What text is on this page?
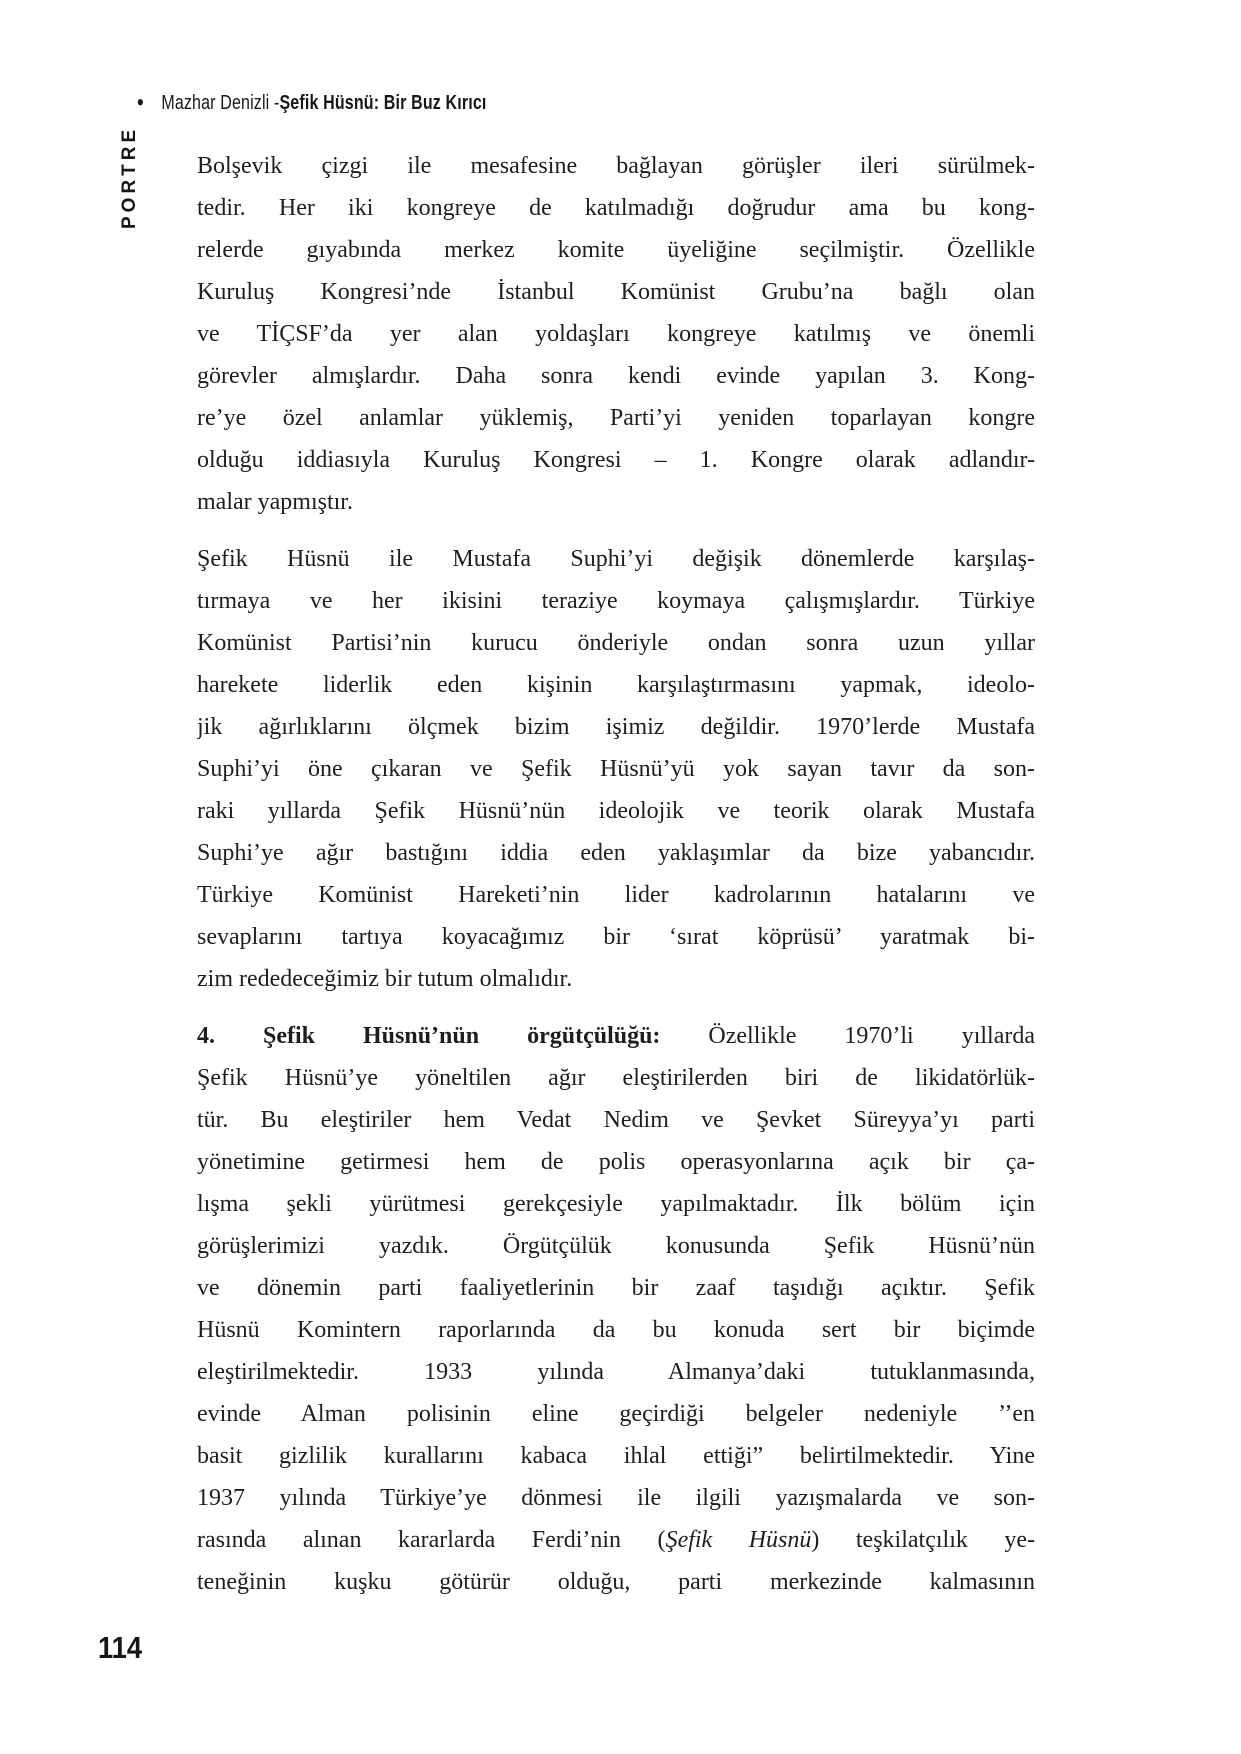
• Mazhar Denizli - Şefik Hüsnü: Bir Buz Kırıcı
PORTRE Bolşevik çizgi ile mesafesine bağlayan görüşler ileri sürülmek-
tedir. Her iki kongreye de katılmadığı doğrudur ama bu kong-
relerde gıyabında merkez komite üyeliğine seçilmiştir. Özellikle
Kuruluş Kongresi’nde İstanbul Komünist Grubu’na bağlı olan
ve TİÇSF’da yer alan yoldaşları kongreye katılmış ve önemli
görevler almışlardır. Daha sonra kendi evinde yapılan 3. Kong-
re’ye özel anlamlar yüklemiş, Parti’yi yeniden toparlayan kongre
olduğu iddiasıyla Kuruluş Kongresi – 1. Kongre olarak adlandır-
malar yapmıştır.
Şefik Hüsnü ile Mustafa Suphi’yi değişik dönemlerde karşılaş-
tırmaya ve her ikisini teraziye koymaya çalışmışlardır. Türkiye
Komünist Partisi’nin kurucu önderiyle ondan sonra uzun yıllar
harekete liderlik eden kişinin karşılaştırmasını yapmak, ideolo-
jik ağırlıklarını ölçmek bizim işimiz değildir. 1970’lerde Mustafa
Suphi’yi öne çıkaran ve Şefik Hüsnü’yü yok sayan tavır da son-
raki yıllarda Şefik Hüsnü’nün ideolojik ve teorik olarak Mustafa
Suphi’ye ağır bastığını iddia eden yaklaşımlar da bize yabancıdır.
Türkiye Komünist Hareketi’nin lider kadrolarının hatalarını ve
sevaplarını tartıya koyacağımız bir ‘sırat köprüsü’ yaratmak bi-
zim rededeceğimiz bir tutum olmalıdır.
4. Şefik Hüsnü’nün örgütçülüğü: Özellikle 1970’li yıllarda
Şefik Hüsnü’ye yöneltilen ağır eleştirilerden biri de likidatörlük-
tür. Bu eleştiriler hem Vedat Nedim ve Şevket Süreyya’yı parti
yönetimine getirmesi hem de polis operasyonlarına açık bir ça-
lışma şekli yürütmesi gerekçesiyle yapılmaktadır. İlk bölüm için
görüşlerimizi yazdık. Örgütçülük konusunda Şefik Hüsnü’nün
ve dönemin parti faaliyetlerinin bir zaaf taşıdığı açıktır. Şefik
Hüsnü Komintern raporlarında da bu konuda sert bir biçimde
eleştirilmektedir. 1933 yılında Almanya’daki tutuklanmasında,
evinde Alman polisinin eline geçirdiği belgeler nedeniyle ’’en
basit gizlilik kurallarını kabaca ihlal ettiği” belirtilmektedir. Yine
1937 yılında Türkiye’ye dönmesi ile ilgili yazışmalarda ve son-
rasında alınan kararlarda Ferdi’nin (Şefik Hüsnü) teşkilatçılık ye-
teneğinin kuşku götürür olduğu, parti merkezinde kalmasının
114
